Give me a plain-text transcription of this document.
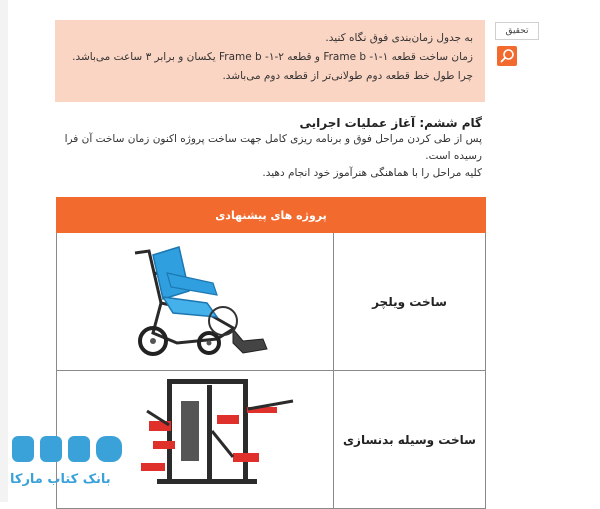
به جدول زمان‌بندی فوق نگاه کنید.
زمان ساخت قطعه Frame b ‎-۱-۱ و قطعه Frame b ‎-۱-۲ یکسان و برابر ۳ ساعت می‌باشد.
چرا طول خط قطعه دوم طولانی‌تر از قطعه دوم می‌باشد.
تحقیق
گام ششم: آغاز عملیات اجرایی
پس از طی کردن مراحل فوق و برنامه ریزی کامل جهت ساخت پروژه اکنون زمان ساخت آن فرا رسیده است.
کلیه مراحل را با هماهنگی هنرآموز خود انجام دهید.
پروژه های پیشنهادی	
ساخت ویلچر	
ساخت وسیله بدنسازی	
بانک کتاب مارکا
